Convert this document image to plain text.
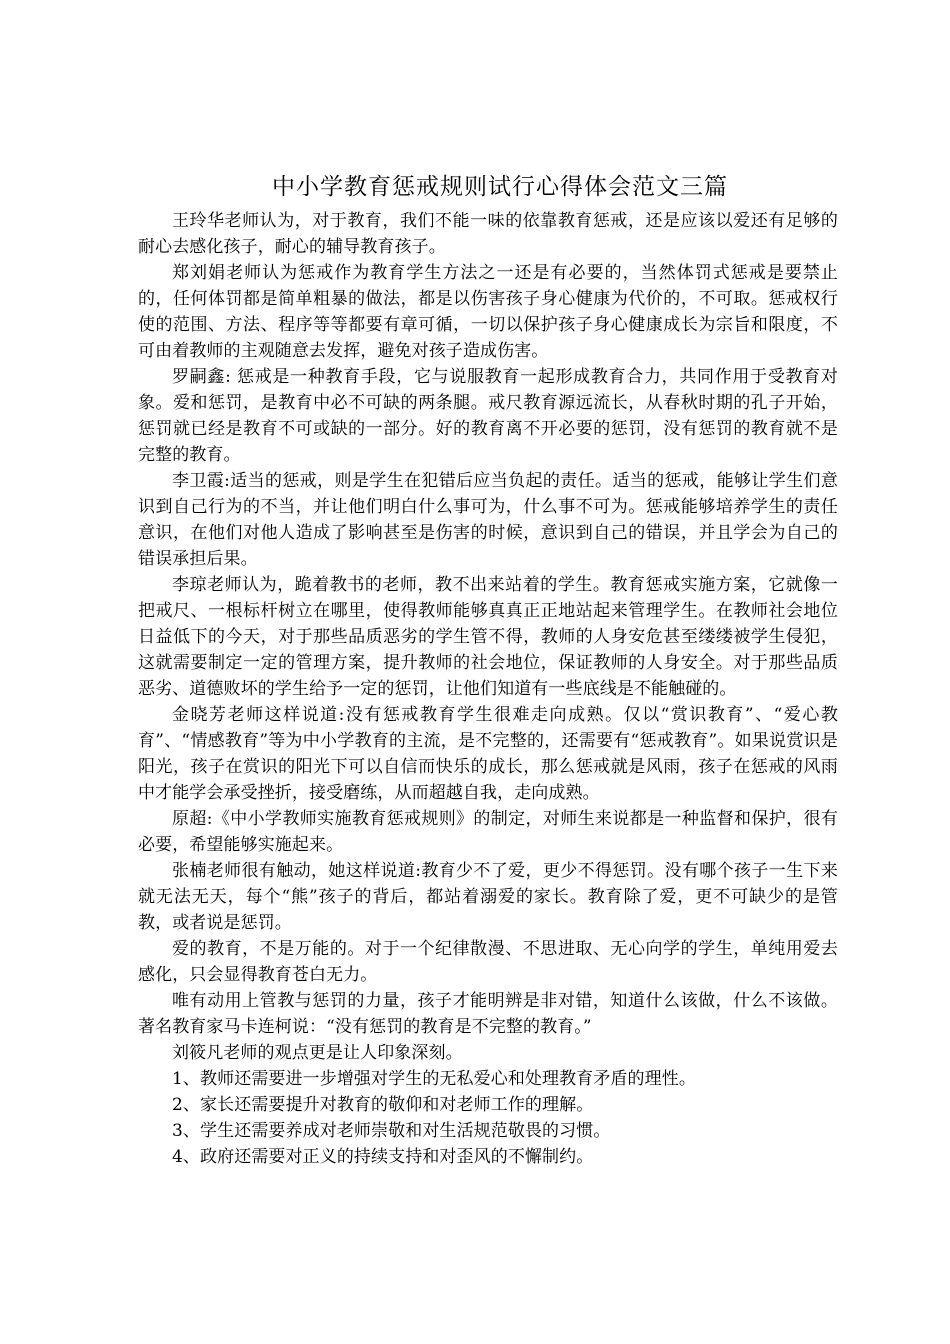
中小学教育惩戒规则试行心得体会范文三篇

王玲华老师认为，对于教育，我们不能一味的依靠教育惩戒，还是应该以爱还有足够的耐心去感化孩子，耐心的辅导教育孩子。

郑刘娟老师认为惩戒作为教育学生方法之一还是有必要的，当然体罚式惩戒是要禁止的，任何体罚都是简单粗暴的做法，都是以伤害孩子身心健康为代价的，不可取。惩戒权行使的范围、方法、程序等等都要有章可循，一切以保护孩子身心健康成长为宗旨和限度，不可由着教师的主观随意去发挥，避免对孩子造成伤害。

罗嗣鑫: 惩戒是一种教育手段，它与说服教育一起形成教育合力，共同作用于受教育对象。爱和惩罚，是教育中必不可缺的两条腿。戒尺教育源远流长，从春秋时期的孔子开始，惩罚就已经是教育不可或缺的一部分。好的教育离不开必要的惩罚，没有惩罚的教育就不是完整的教育。

李卫霞:适当的惩戒，则是学生在犯错后应当负起的责任。适当的惩戒，能够让学生们意识到自己行为的不当，并让他们明白什么事可为，什么事不可为。惩戒能够培养学生的责任意识，在他们对他人造成了影响甚至是伤害的时候，意识到自己的错误，并且学会为自己的错误承担后果。

李琼老师认为，跪着教书的老师，教不出来站着的学生。教育惩戒实施方案，它就像一把戒尺、一根标杆树立在哪里，使得教师能够真真正正地站起来管理学生。在教师社会地位日益低下的今天，对于那些品质恶劣的学生管不得，教师的人身安危甚至缕缕被学生侵犯，这就需要制定一定的管理方案，提升教师的社会地位，保证教师的人身安全。对于那些品质恶劣、道德败坏的学生给予一定的惩罚，让他们知道有一些底线是不能触碰的。

金晓芳老师这样说道:没有惩戒教育学生很难走向成熟。仅以“赏识教育”、“爱心教育”、“情感教育”等为中小学教育的主流，是不完整的，还需要有“惩戒教育”。如果说赏识是阳光，孩子在赏识的阳光下可以自信而快乐的成长，那么惩戒就是风雨，孩子在惩戒的风雨中才能学会承受挫折，接受磨练，从而超越自我，走向成熟。

原超:《中小学教师实施教育惩戒规则》的制定，对师生来说都是一种监督和保护，很有必要，希望能够实施起来。

张楠老师很有触动，她这样说道:教育少不了爱，更少不得惩罚。没有哪个孩子一生下来就无法无天，每个“熊”孩子的背后，都站着溺爱的家长。教育除了爱，更不可缺少的是管教，或者说是惩罚。

爱的教育，不是万能的。对于一个纪律散漫、不思进取、无心向学的学生，单纯用爱去感化，只会显得教育苍白无力。

唯有动用上管教与惩罚的力量，孩子才能明辨是非对错，知道什么该做，什么不该做。著名教育家马卡连柯说：“没有惩罚的教育是不完整的教育。”

刘筱凡老师的观点更是让人印象深刻。

1、教师还需要进一步增强对学生的无私爱心和处理教育矛盾的理性。

2、家长还需要提升对教育的敬仰和对老师工作的理解。

3、学生还需要养成对老师崇敬和对生活规范敬畏的习惯。

4、政府还需要对正义的持续支持和对歪风的不懈制约。
